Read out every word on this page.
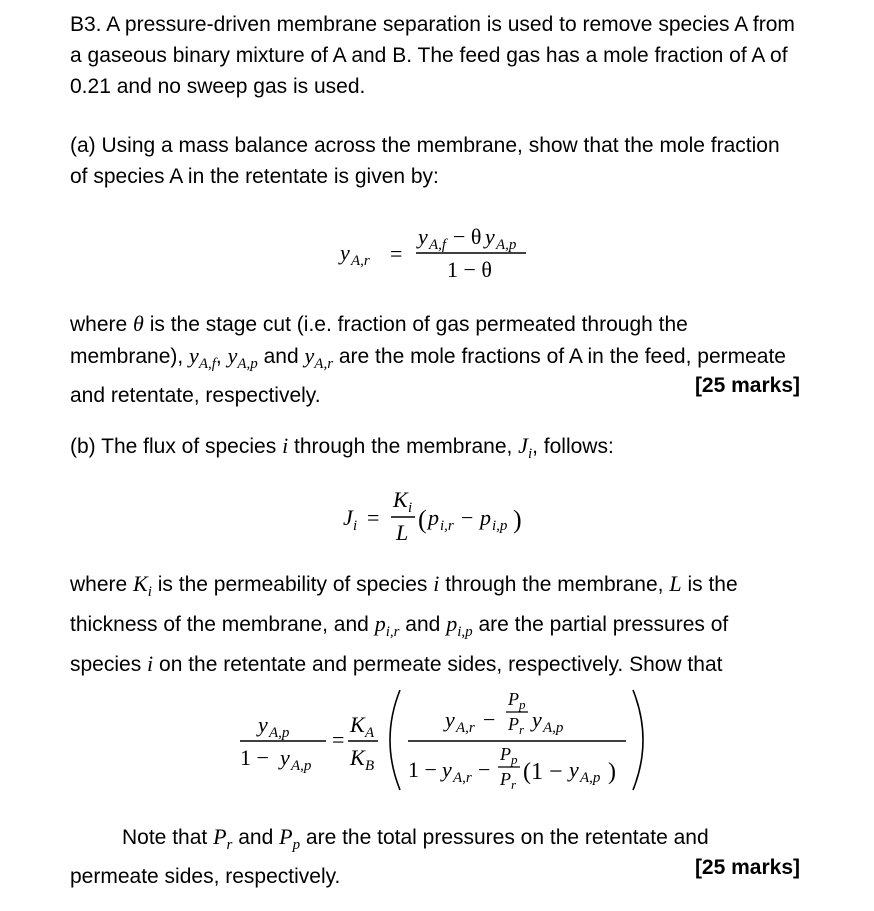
B3. A pressure-driven membrane separation is used to remove species A from a gaseous binary mixture of A and B. The feed gas has a mole fraction of A of 0.21 and no sweep gas is used.
(a) Using a mass balance across the membrane, show that the mole fraction of species A in the retentate is given by:
y A,r =
y A,f − θ y A,p
1 − θ
where θ is the stage cut (i.e. fraction of gas permeated through the membrane), $y_{A,f}$, $y_{A,p}$ and $y_{A,r}$ are the mole fractions of A in the feed, permeate and retentate, respectively.	[25 marks]
(b) The flux of species i through the membrane, $J_i$, follows:
J i =
K i
L ( p i,r − p i,p )
where $K_i$ is the permeability of species i through the membrane, L is the thickness of the membrane, and $p_{i,r}$ and $p_{i,p}$ are the partial pressures of species i on the retentate and permeate sides, respectively. Show that
y A,p
1 − y A,p
=
K A
K B
y A,r −
P p
P r y A,p
1 − y A,r −
P p
P r (1 − y A,p )
Note that $P_r$ and $P_p$ are the total pressures on the retentate and permeate sides, respectively.	[25 marks]
